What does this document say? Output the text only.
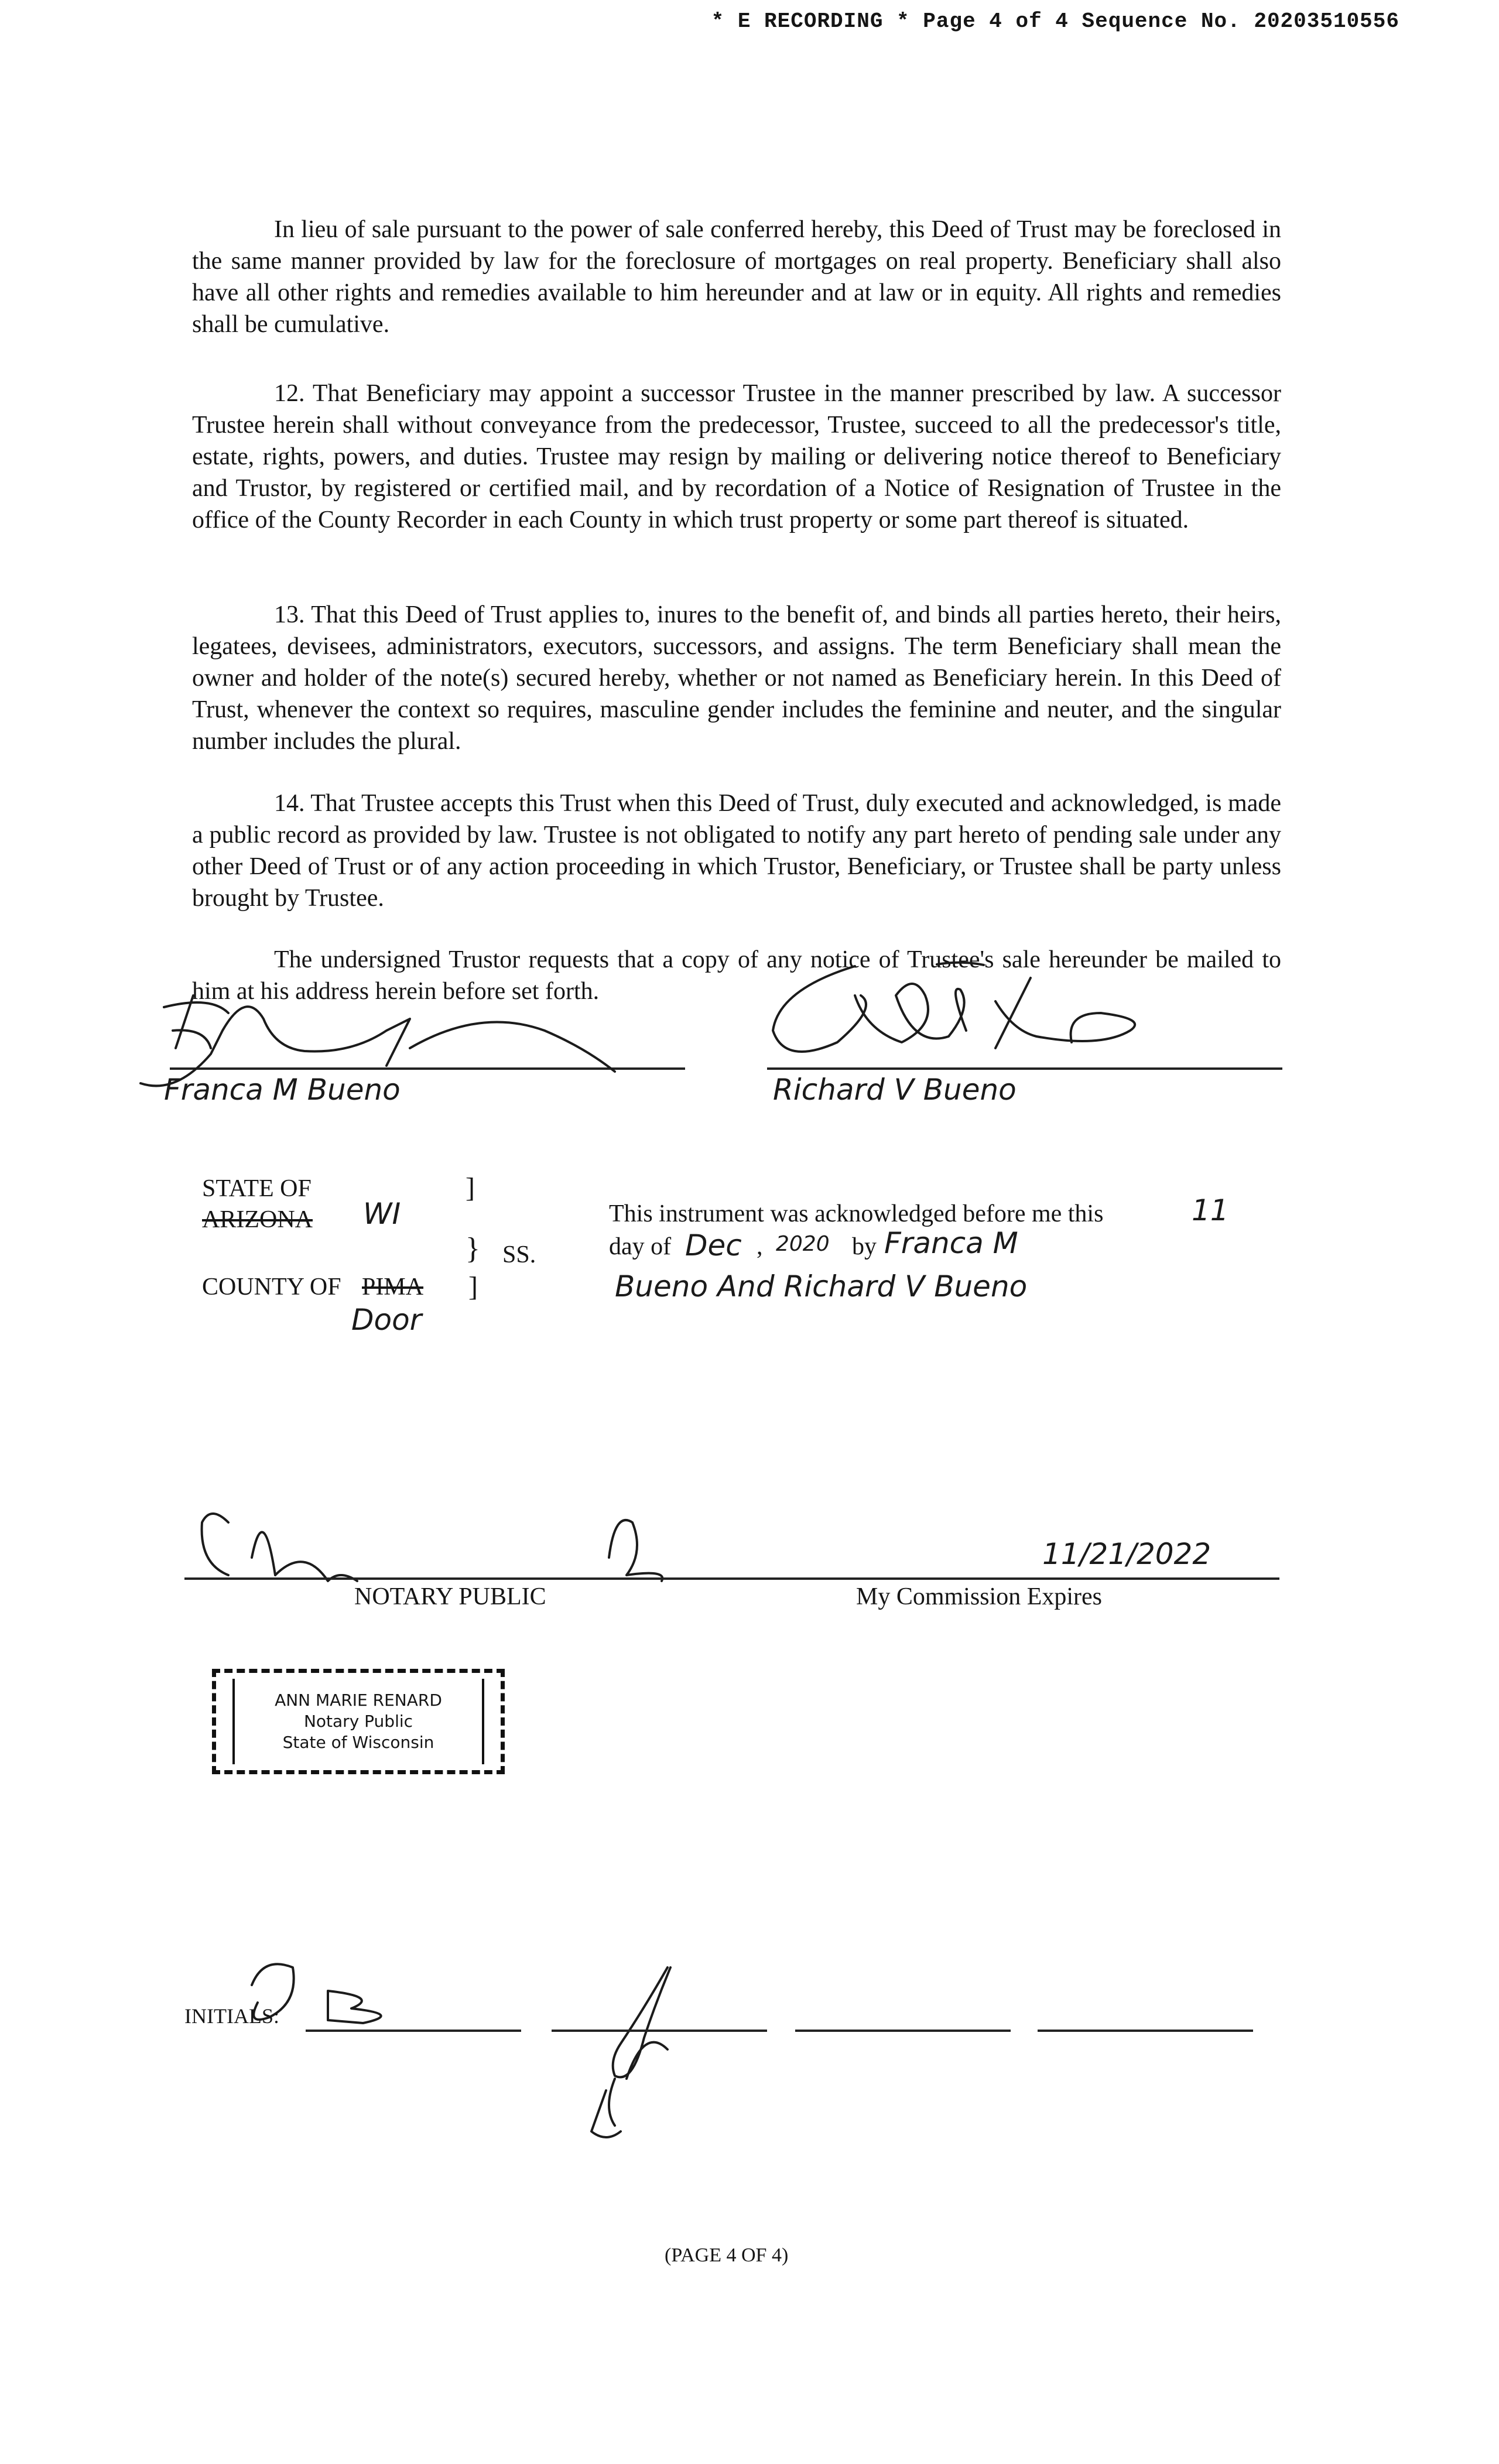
* E RECORDING * Page 4 of 4 Sequence No. 20203510556

In lieu of sale pursuant to the power of sale conferred hereby, this Deed of Trust may be foreclosed in the same manner provided by law for the foreclosure of mortgages on real property. Beneficiary shall also have all other rights and remedies available to him hereunder and at law or in equity. All rights and remedies shall be cumulative.

12. That Beneficiary may appoint a successor Trustee in the manner prescribed by law. A successor Trustee herein shall without conveyance from the predecessor, Trustee, succeed to all the predecessor's title, estate, rights, powers, and duties. Trustee may resign by mailing or delivering notice thereof to Beneficiary and Trustor, by registered or certified mail, and by recordation of a Notice of Resignation of Trustee in the office of the County Recorder in each County in which trust property or some part thereof is situated.

13. That this Deed of Trust applies to, inures to the benefit of, and binds all parties hereto, their heirs, legatees, devisees, administrators, executors, successors, and assigns. The term Beneficiary shall mean the owner and holder of the note(s) secured hereby, whether or not named as Beneficiary herein. In this Deed of Trust, whenever the context so requires, masculine gender includes the feminine and neuter, and the singular number includes the plural.

14. That Trustee accepts this Trust when this Deed of Trust, duly executed and acknowledged, is made a public record as provided by law. Trustee is not obligated to notify any part hereto of pending sale under any other Deed of Trust or of any action proceeding in which Trustor, Beneficiary, or Trustee shall be party unless brought by Trustee.

The undersigned Trustor requests that a copy of any notice of Trustee's sale hereunder be mailed to him at his address herein before set forth.

Franca M Bueno	Richard V Bueno
STATE OF
ARIZONA WI
]
} SS.
]
COUNTY OF PIMA
Door
This instrument was acknowledged before me this	11
day of Dec , 2020 by Franca M
Bueno And Richard V Bueno
11/21/2022
NOTARY PUBLIC	My Commission Expires
ANN MARIE RENARD
Notary Public
State of Wisconsin
INITIALS:
(PAGE 4 OF 4)
